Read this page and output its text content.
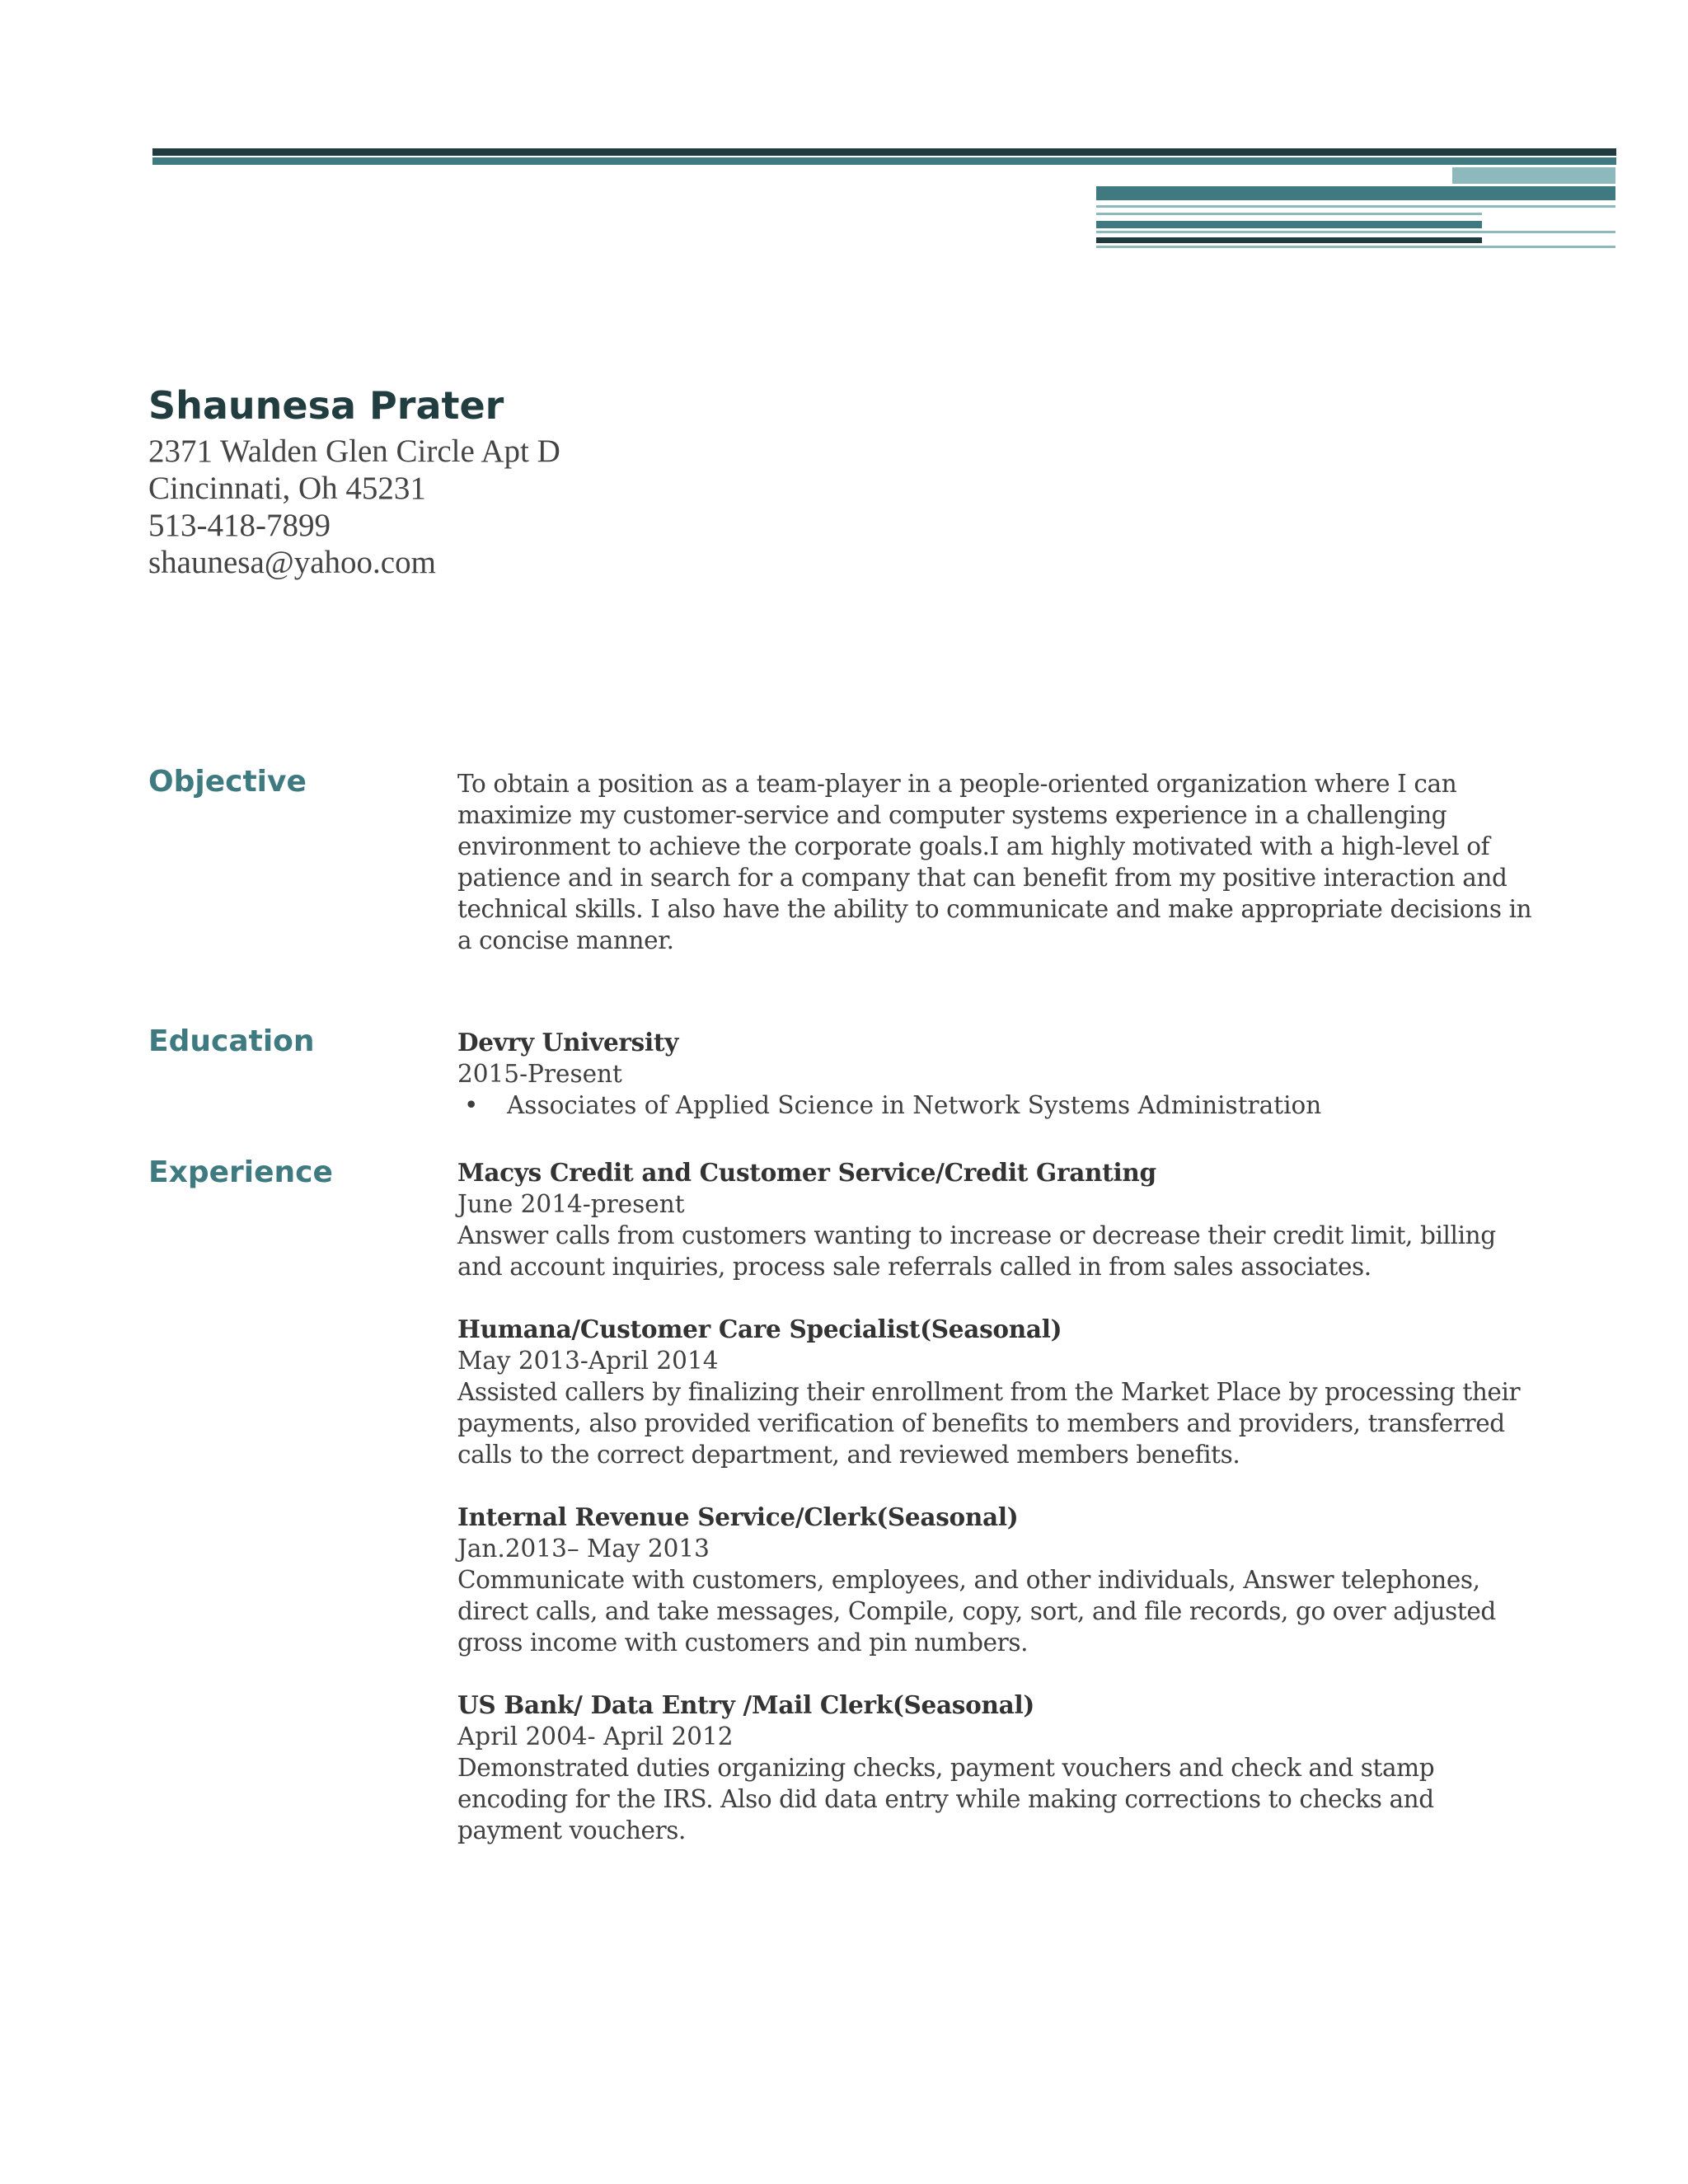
Shaunesa Prater
2371 Walden Glen Circle Apt D
Cincinnati, Oh 45231
513-418-7899
shaunesa@yahoo.com
Objective	To obtain a position as a team-player in a people-oriented organization where I can
maximize my customer-service and computer systems experience in a challenging
environment to achieve the corporate goals.I am highly motivated with a high-level of
patience and in search for a company that can benefit from my positive interaction and
technical skills. I also have the ability to communicate and make appropriate decisions in
a concise manner.
Education	Devry University
2015-Present
• Associates of Applied Science in Network Systems Administration
Experience	Macys Credit and Customer Service/Credit Granting
June 2014-present
Answer calls from customers wanting to increase or decrease their credit limit, billing
and account inquiries, process sale referrals called in from sales associates.
Humana/Customer Care Specialist(Seasonal)
May 2013-April 2014
Assisted callers by finalizing their enrollment from the Market Place by processing their
payments, also provided verification of benefits to members and providers, transferred
calls to the correct department, and reviewed members benefits.
Internal Revenue Service/Clerk(Seasonal)
Jan.2013– May 2013
Communicate with customers, employees, and other individuals, Answer telephones,
direct calls, and take messages, Compile, copy, sort, and file records, go over adjusted
gross income with customers and pin numbers.
US Bank/ Data Entry /Mail Clerk(Seasonal)
April 2004- April 2012
Demonstrated duties organizing checks, payment vouchers and check and stamp
encoding for the IRS. Also did data entry while making corrections to checks and
payment vouchers.
